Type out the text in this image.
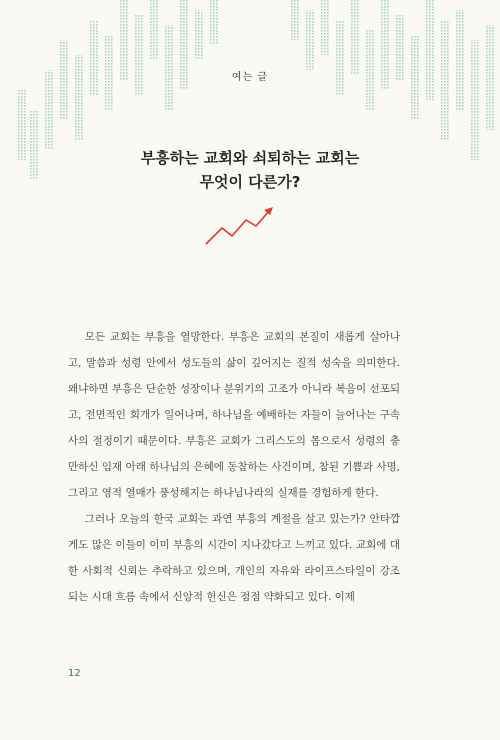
여는 글
부흥하는 교회와 쇠퇴하는 교회는
무엇이 다른가?

모든 교회는 부흥을 열망한다. 부흥은 교회의 본질이 새롭게 살아나고, 말씀과 성령 안에서 성도들의 삶이 깊어지는 질적 성숙을 의미한다. 왜냐하면 부흥은 단순한 성장이나 분위기의 고조가 아니라 복음이 선포되고, 전면적인 회개가 일어나며, 하나님을 예배하는 자들이 늘어나는 구속사의 절정이기 때문이다. 부흥은 교회가 그리스도의 몸으로서 성령의 충만하신 임재 아래 하나님의 은혜에 동참하는 사건이며, 참된 기쁨과 사명, 그리고 영적 열매가 풍성해지는 하나님나라의 실재를 경험하게 한다.

그러나 오늘의 한국 교회는 과연 부흥의 계절을 살고 있는가? 안타깝게도 많은 이들이 이미 부흥의 시간이 지나갔다고 느끼고 있다. 교회에 대한 사회적 신뢰는 추락하고 있으며, 개인의 자유와 라이프스타일이 강조되는 시대 흐름 속에서 신앙적 헌신은 점점 약화되고 있다. 이제

12
